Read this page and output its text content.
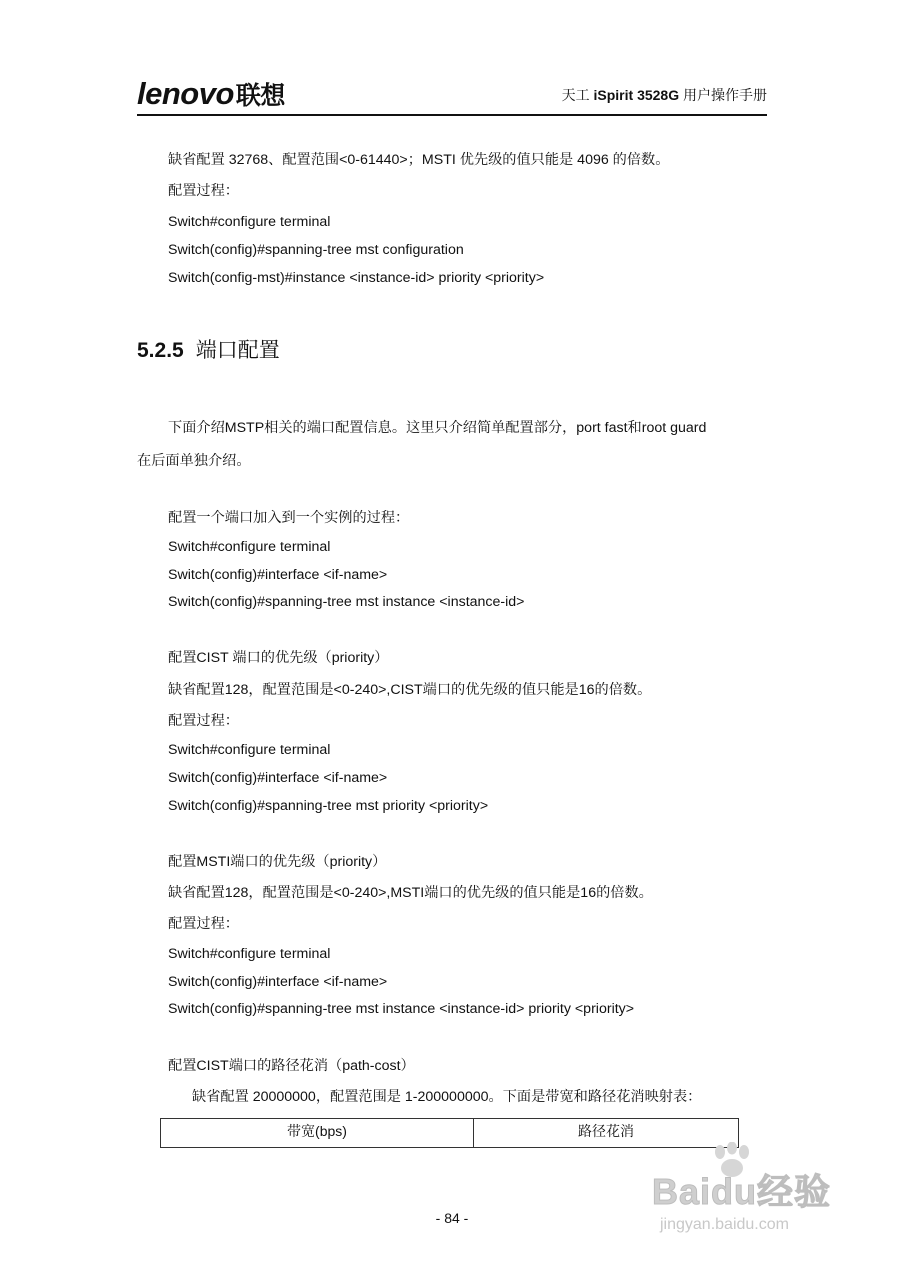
lenovo联想	天工 iSpirit 3528G 用户操作手册
缺省配置 32768、配置范围<0-61440>；MSTI 优先级的值只能是 4096 的倍数。
配置过程：
Switch#configure terminal
Switch(config)#spanning-tree mst configuration
Switch(config-mst)#instance <instance-id> priority <priority>
5.2.5 端口配置
下面介绍MSTP相关的端口配置信息。这里只介绍简单配置部分，port fast和root guard
在后面单独介绍。
配置一个端口加入到一个实例的过程：
Switch#configure terminal
Switch(config)#interface <if-name>
Switch(config)#spanning-tree mst instance <instance-id>
配置CIST 端口的优先级（priority）
缺省配置128，配置范围是<0-240>,CIST端口的优先级的值只能是16的倍数。
配置过程：
Switch#configure terminal
Switch(config)#interface <if-name>
Switch(config)#spanning-tree mst priority <priority>
配置MSTI端口的优先级（priority）
缺省配置128，配置范围是<0-240>,MSTI端口的优先级的值只能是16的倍数。
配置过程：
Switch#configure terminal
Switch(config)#interface <if-name>
Switch(config)#spanning-tree mst instance <instance-id> priority <priority>
配置CIST端口的路径花消（path-cost）
缺省配置 20000000，配置范围是 1-200000000。下面是带宽和路径花消映射表：
带宽(bps)	路径花消
- 84 -
Baidu经验
jingyan.baidu.com
